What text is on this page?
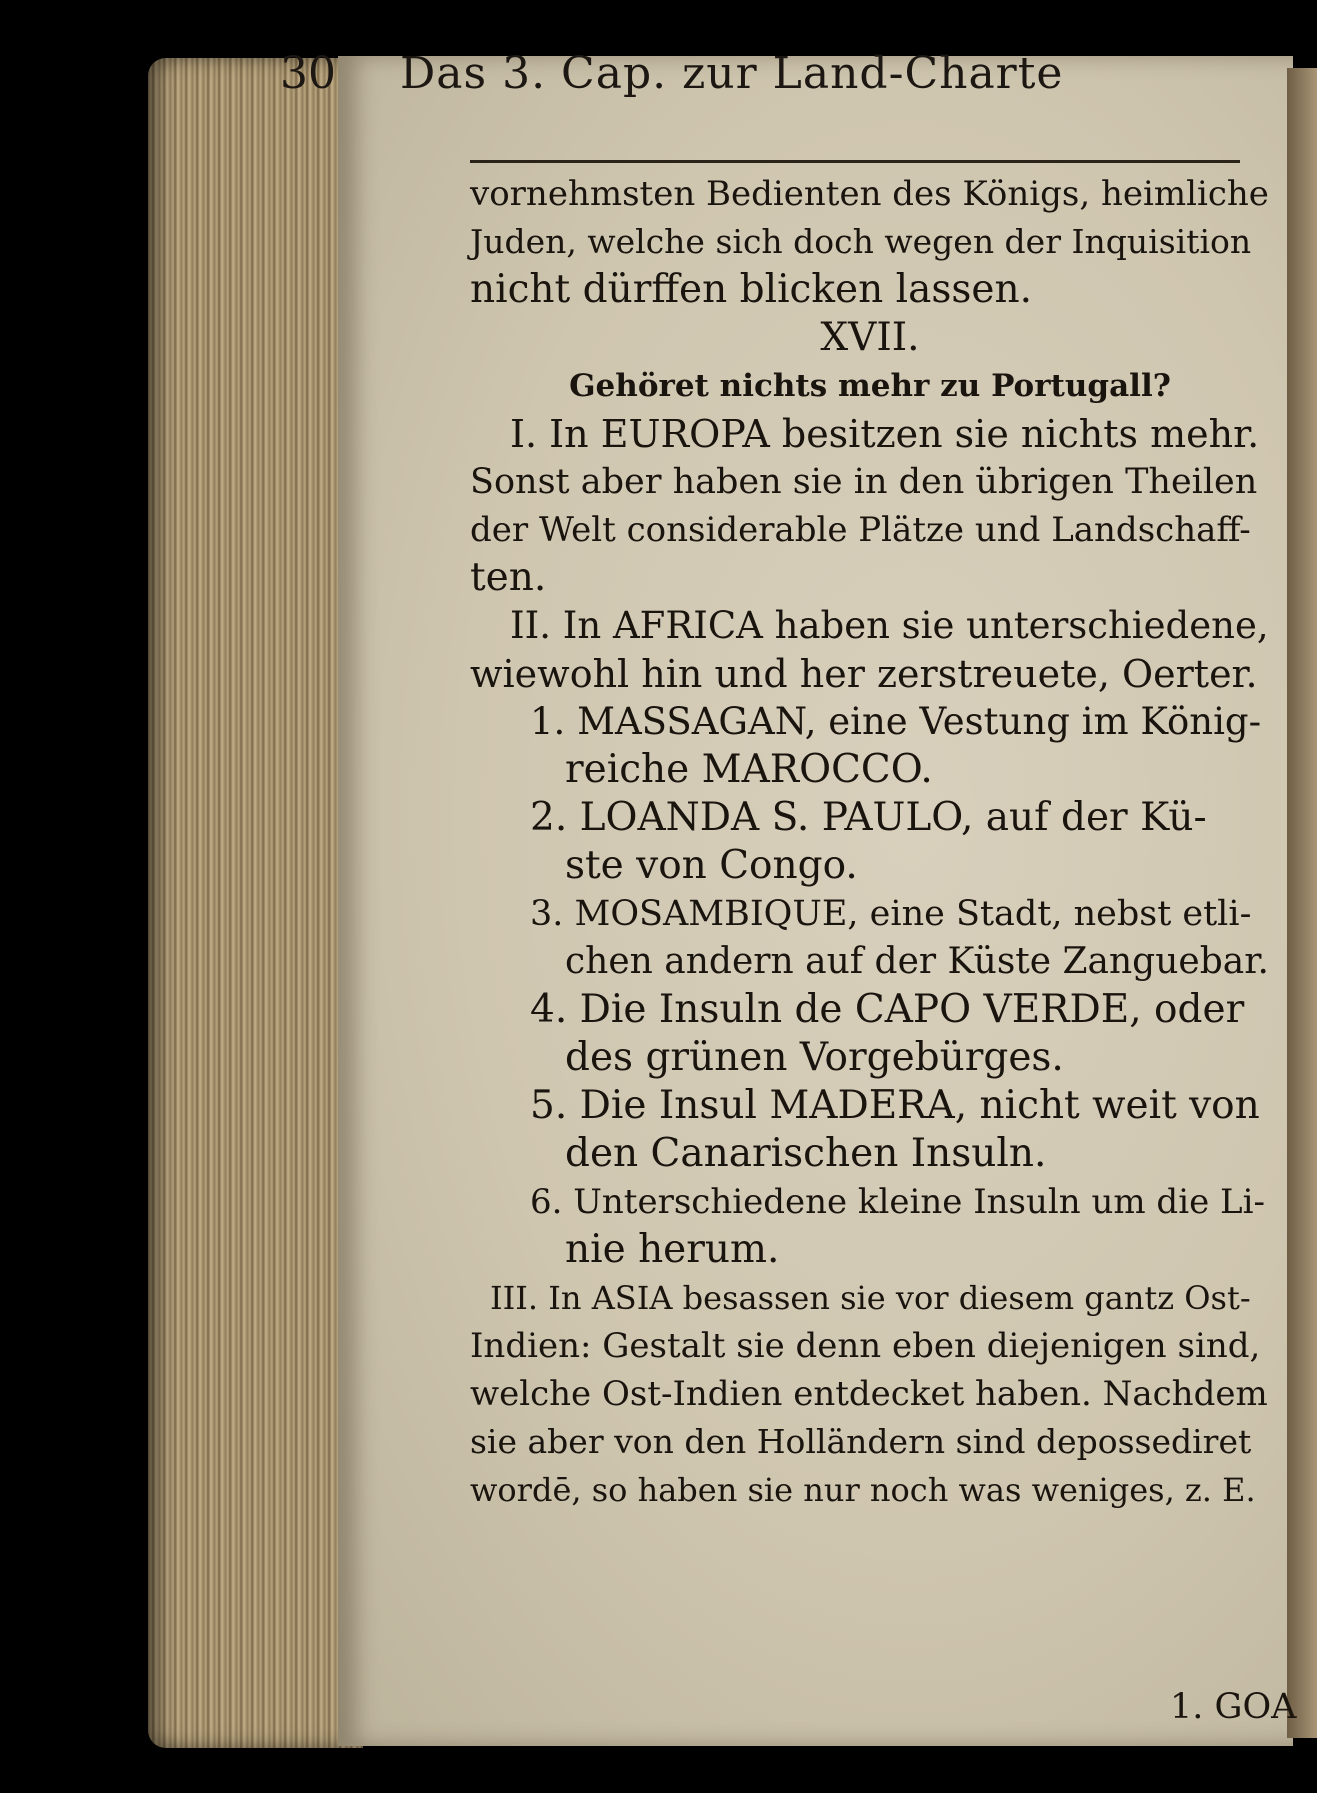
30 Das 3. Cap. zur Land-Charte
vornehmsten Bedienten des Königs, heimliche
Juden, welche sich doch wegen der Inquisition
nicht dürffen blicken lassen.
XVII.
Gehöret nichts mehr zu Portugall?
I. In EUROPA besitzen sie nichts mehr.
Sonst aber haben sie in den übrigen Theilen
der Welt considerable Plätze und Landschaff-
ten.
II. In AFRICA haben sie unterschiedene,
wiewohl hin und her zerstreuete, Oerter.
1. MASSAGAN, eine Vestung im König-
reiche MAROCCO.
2. LOANDA S. PAULO, auf der Kü-
ste von Congo.
3. MOSAMBIQUE, eine Stadt, nebst etli-
chen andern auf der Küste Zanguebar.
4. Die Insuln de CAPO VERDE, oder
des grünen Vorgebürges.
5. Die Insul MADERA, nicht weit von
den Canarischen Insuln.
6. Unterschiedene kleine Insuln um die Li-
nie herum.
III. In ASIA besassen sie vor diesem gantz Ost-
Indien: Gestalt sie denn eben diejenigen sind,
welche Ost-Indien entdecket haben. Nachdem
sie aber von den Holländern sind depossediret
wordē, so haben sie nur noch was weniges, z. E.
1. GOA
